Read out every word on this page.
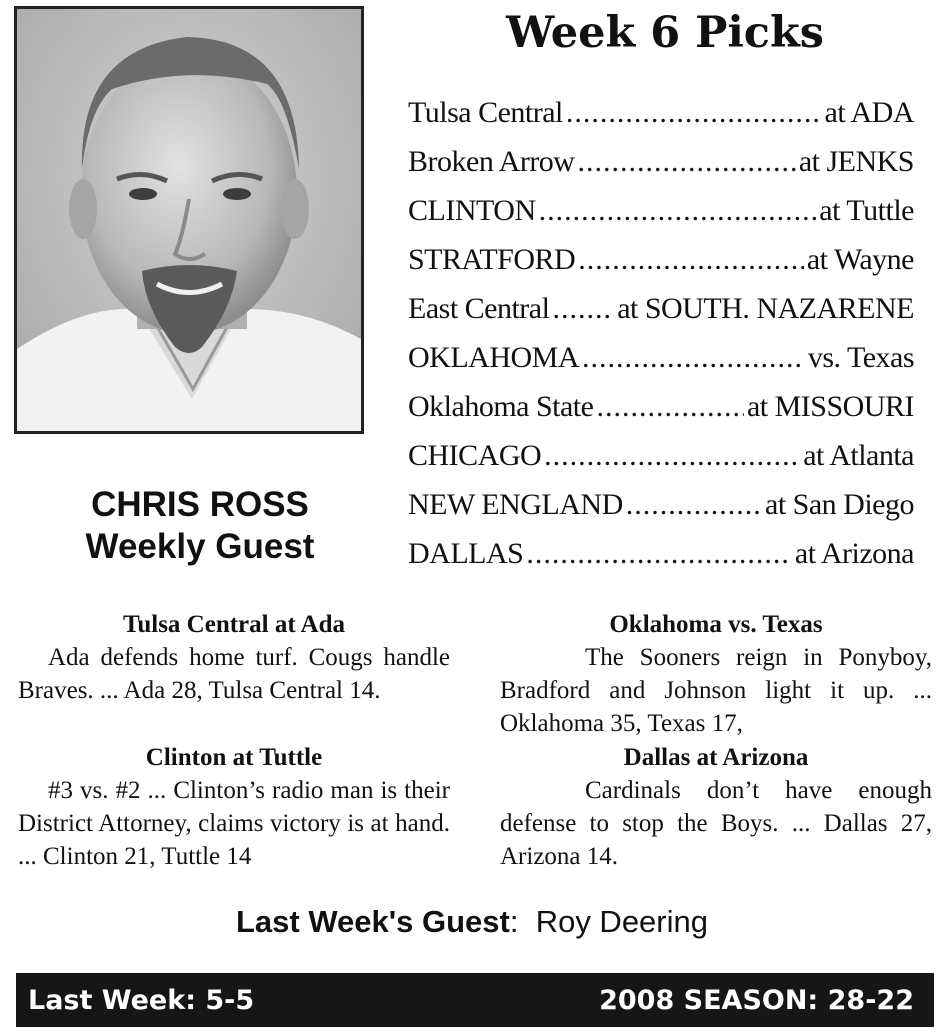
Week 6 Picks
Tulsa Central .....	at ADA
Broken Arrow .....	at JENKS
CLINTON .....	at Tuttle
STRATFORD .....	at Wayne
East Central ..... at SOUTH. NAZARENE
OKLAHOMA .....	vs. Texas
Oklahoma State .....	at MISSOURI
CHICAGO .....	at Atlanta
NEW ENGLAND .....	at San Diego
DALLAS .....	at Arizona
CHRIS ROSS
Weekly Guest
Tulsa Central at Ada

Ada defends home turf. Cougs handle Braves. ... Ada 28, Tulsa Central 14.

Clinton at Tuttle

#3 vs. #2 ... Clinton’s radio man is their District Attorney, claims victory is at hand. ... Clinton 21, Tuttle 14

Oklahoma vs. Texas

The Sooners reign in Ponyboy, Bradford and Johnson light it up. ... Oklahoma 35, Texas 17,

Dallas at Arizona

Cardinals don’t have enough defense to stop the Boys. ... Dallas 27, Arizona 14.

Last Week's Guest:  Roy Deering
Last Week: 5-5	2008 SEASON: 28-22
